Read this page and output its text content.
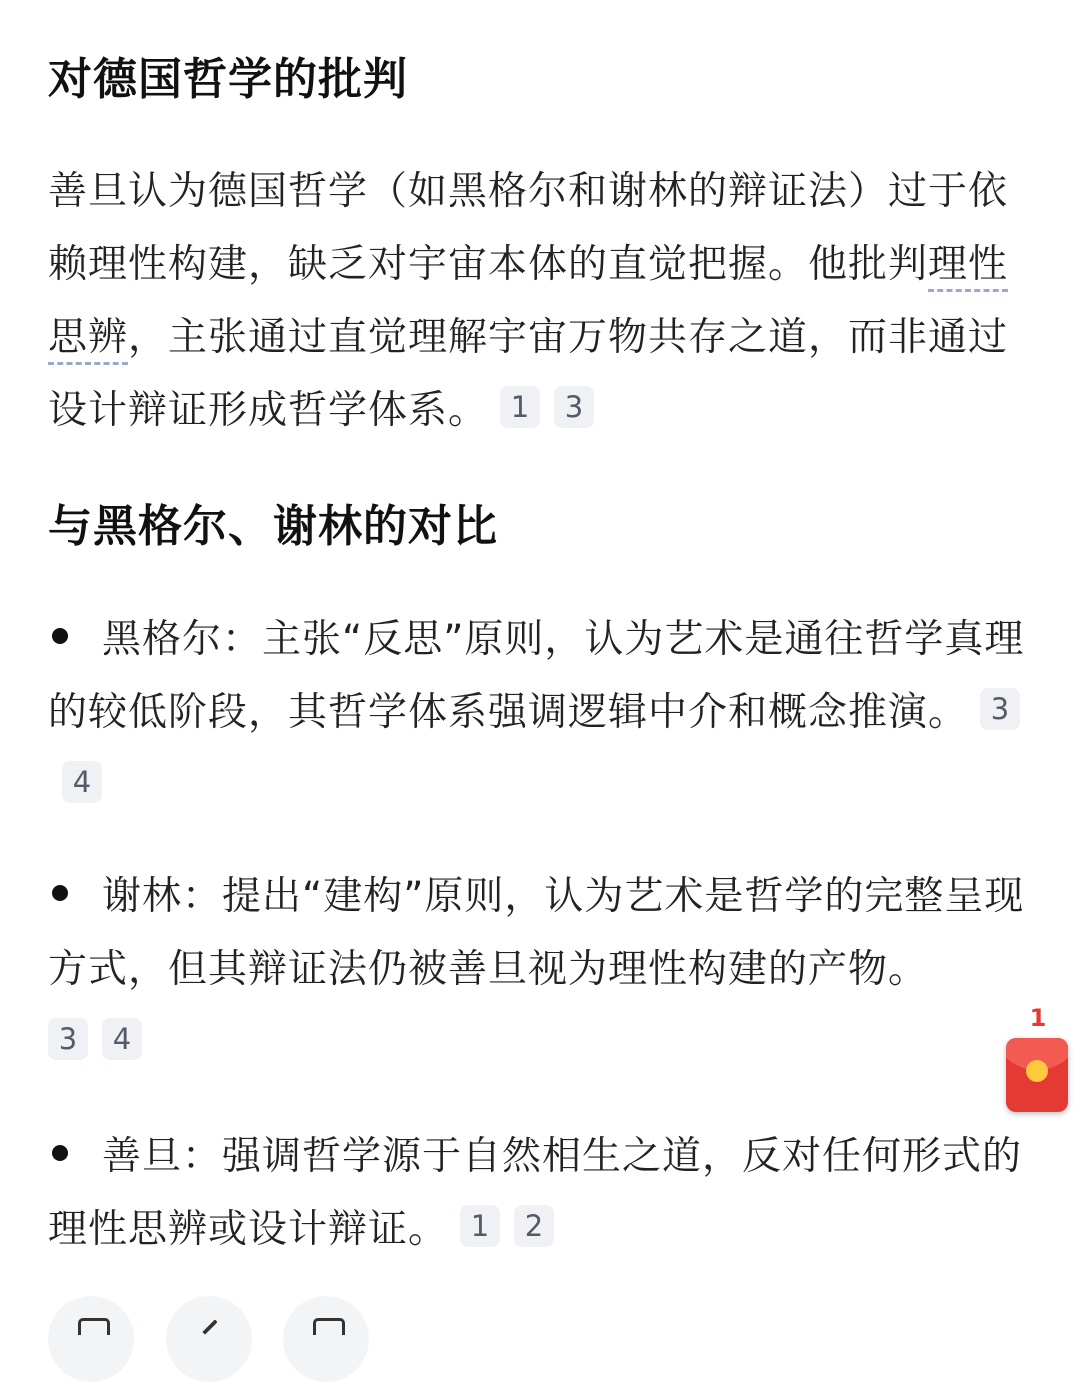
对德国哲学的批判

善旦认为德国哲学（如黑格尔和谢林的辩证法）过于依赖理性构建，缺乏对宇宙本体的直觉把握。他批判理性思辨，主张通过直觉理解宇宙万物共存之道，而非通过设计辩证形成哲学体系。 1 3

与黑格尔、谢林的对比
黑格尔：主张“反思”原则，认为艺术是通往哲学真理的较低阶段，其哲学体系强调逻辑中介和概念推演。 34
谢林：提出“建构”原则，认为艺术是哲学的完整呈现方式，但其辩证法仍被善旦视为理性构建的产物。
3 4
善旦：强调哲学源于自然相生之道，反对任何形式的理性思辨或设计辩证。 1 2
1
